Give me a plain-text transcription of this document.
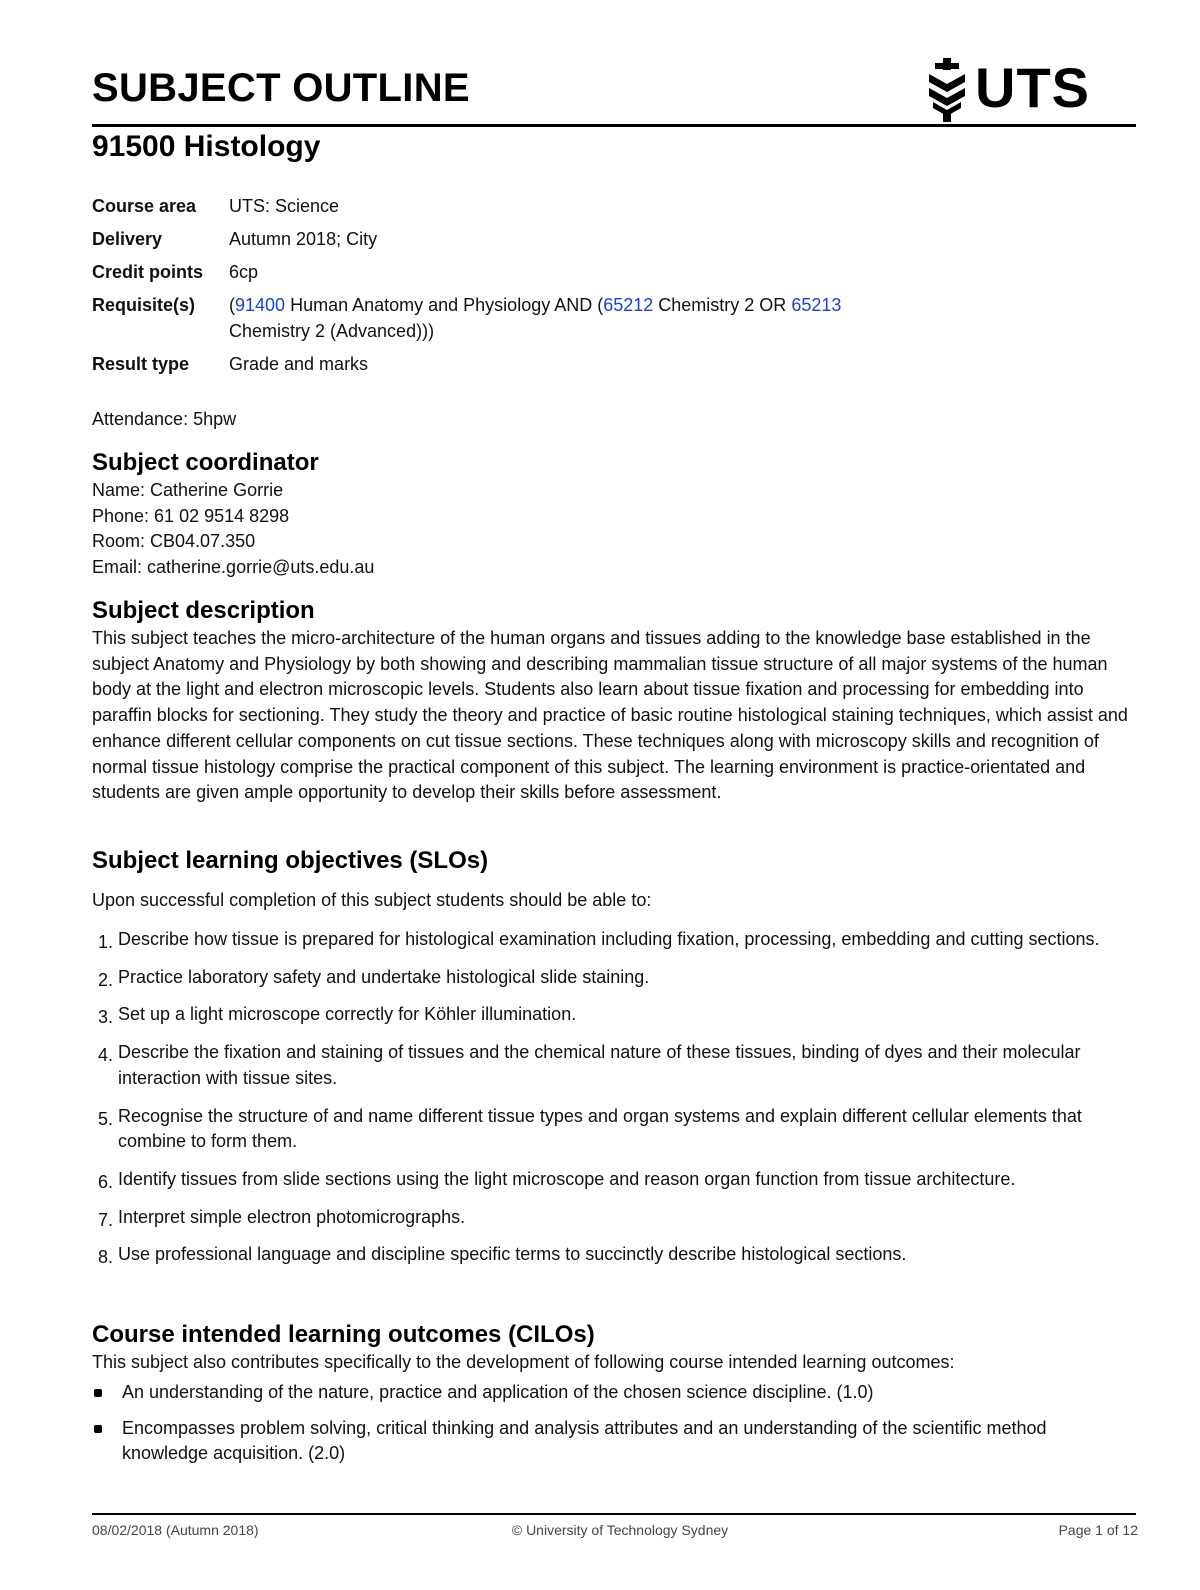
SUBJECT OUTLINE	UTS
91500 Histology
Course area	UTS: Science
Delivery	Autumn 2018; City
Credit points	6cp
Requisite(s)	(91400 Human Anatomy and Physiology AND (65212 Chemistry 2 OR 65213
Chemistry 2 (Advanced)))
Result type	Grade and marks
Attendance: 5hpw
Subject coordinator

Name: Catherine Gorrie

Phone: 61 02 9514 8298

Room: CB04.07.350

Email: catherine.gorrie@uts.edu.au

Subject description

This subject teaches the micro-architecture of the human organs and tissues adding to the knowledge base established in the subject Anatomy and Physiology by both showing and describing mammalian tissue structure of all major systems of the human body at the light and electron microscopic levels. Students also learn about tissue fixation and processing for embedding into paraffin blocks for sectioning. They study the theory and practice of basic routine histological staining techniques, which assist and enhance different cellular components on cut tissue sections. These techniques along with microscopy skills and recognition of normal tissue histology comprise the practical component of this subject. The learning environment is practice-orientated and students are given ample opportunity to develop their skills before assessment.

Subject learning objectives (SLOs)

Upon successful completion of this subject students should be able to:

1. Describe how tissue is prepared for histological examination including fixation, processing, embedding and cutting sections.
2. Practice laboratory safety and undertake histological slide staining.
3. Set up a light microscope correctly for Köhler illumination.
4. Describe the fixation and staining of tissues and the chemical nature of these tissues, binding of dyes and their molecular interaction with tissue sites.
5. Recognise the structure of and name different tissue types and organ systems and explain different cellular elements that combine to form them.
6. Identify tissues from slide sections using the light microscope and reason organ function from tissue architecture.
7. Interpret simple electron photomicrographs.
8. Use professional language and discipline specific terms to succinctly describe histological sections.
Course intended learning outcomes (CILOs)

This subject also contributes specifically to the development of following course intended learning outcomes:

An understanding of the nature, practice and application of the chosen science discipline. (1.0)
Encompasses problem solving, critical thinking and analysis attributes and an understanding of the scientific method knowledge acquisition. (2.0)
08/02/2018 (Autumn 2018)	© University of Technology Sydney	Page 1 of 12
